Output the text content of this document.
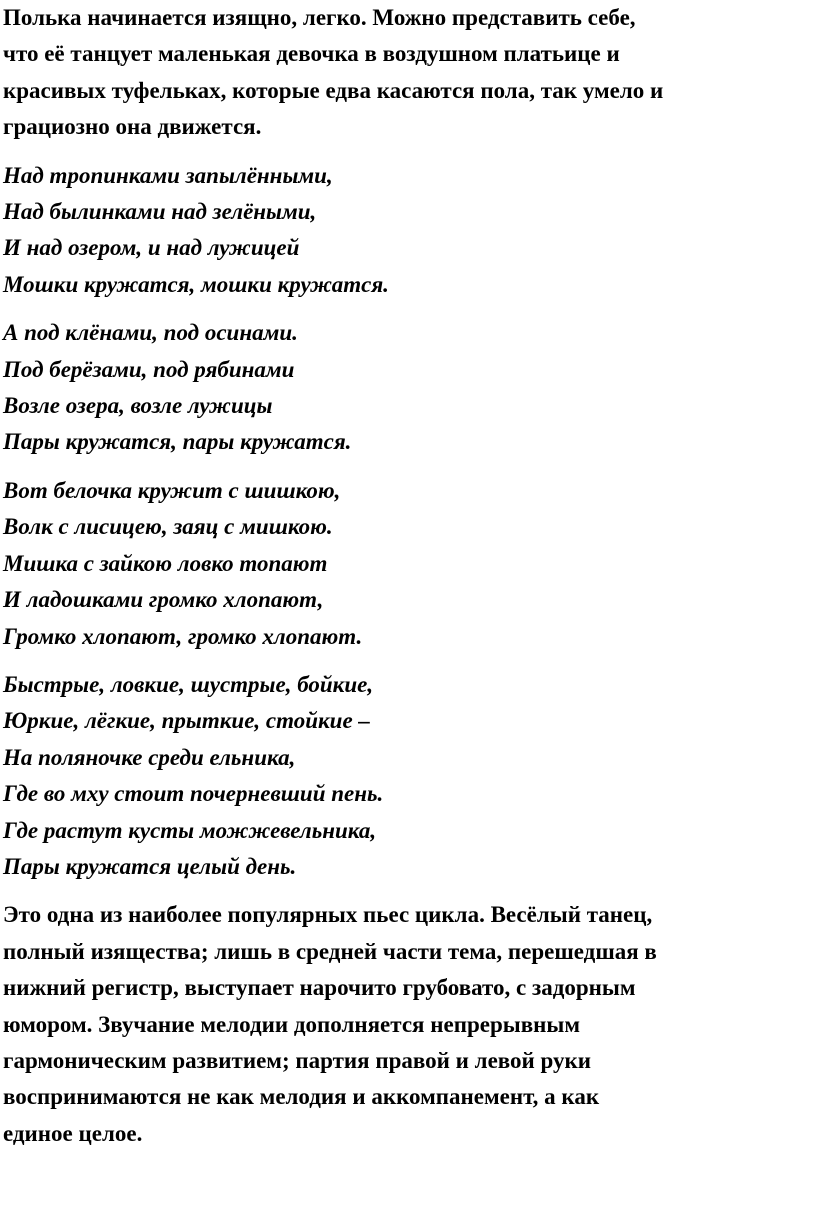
Полька начинается изящно, легко. Можно представить себе,
что её танцует маленькая девочка в воздушном платьице и
красивых туфельках, которые едва касаются пола, так умело и
грациозно она движется.
Над тропинками запылёнными,
Над былинками над зелёными,
И над озером, и над лужицей
Мошки кружатся, мошки кружатся.
А под клёнами, под осинами.
Под берёзами, под рябинами
Возле озера, возле лужицы
Пары кружатся, пары кружатся.
Вот белочка кружит с шишкою,
Волк с лисицею, заяц с мишкою.
Мишка с зайкою ловко топают
И ладошками громко хлопают,
Громко хлопают, громко хлопают.
Быстрые, ловкие, шустрые, бойкие,
Юркие, лёгкие, прыткие, стойкие –
На поляночке среди ельника,
Где во мху стоит почерневший пень.
Где растут кусты можжевельника,
Пары кружатся целый день.
Это одна из наиболее популярных пьес цикла. Весёлый танец,
полный изящества; лишь в средней части тема, перешедшая в
нижний регистр, выступает нарочито грубовато, с задорным
юмором. Звучание мелодии дополняется непрерывным
гармоническим развитием; партия правой и левой руки
воспринимаются не как мелодия и аккомпанемент, а как
единое целое.
